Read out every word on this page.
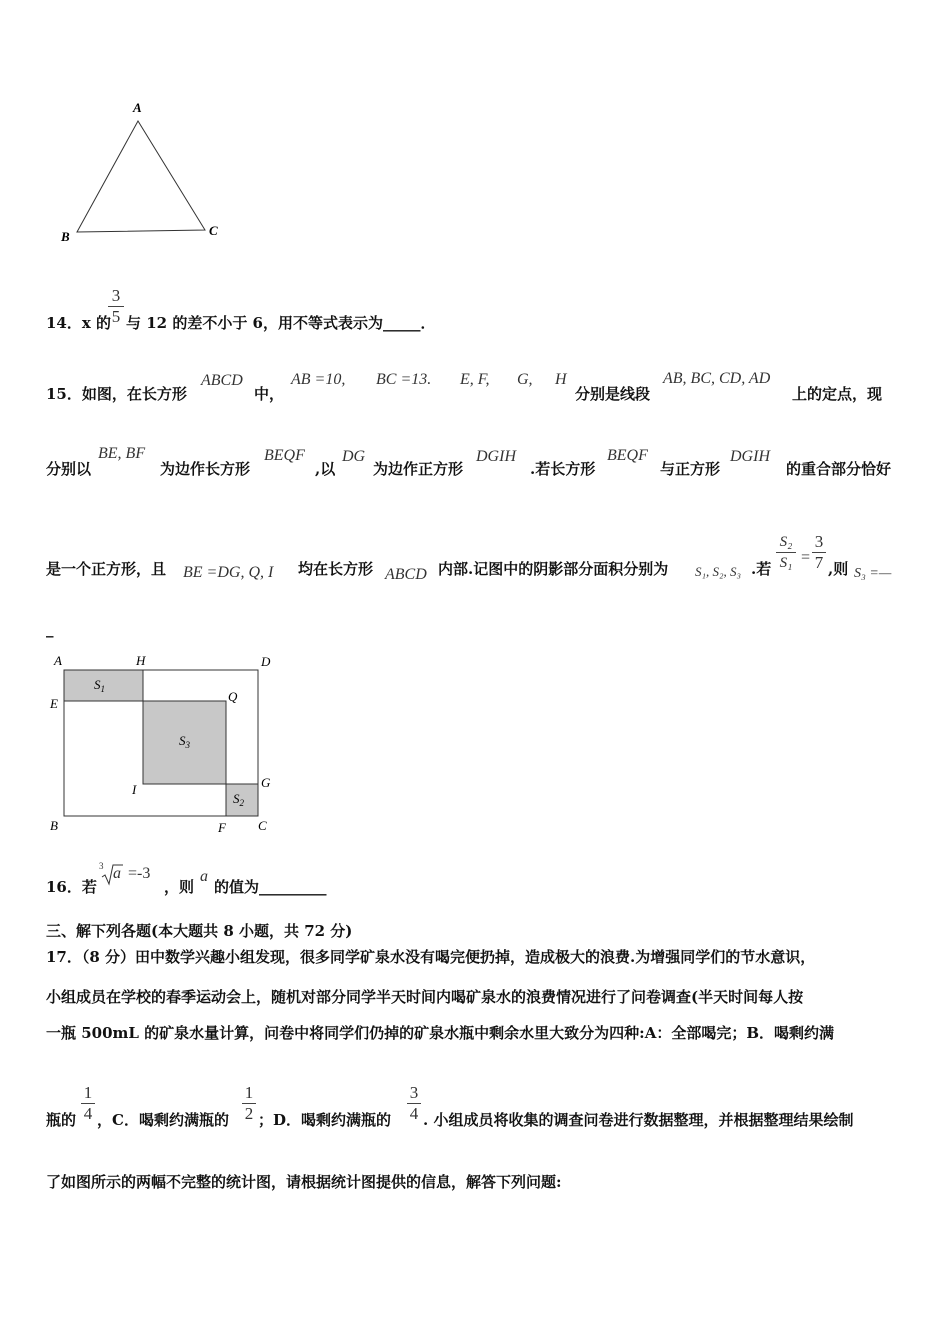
A
B	C
14．x 的
3
5 与 12 的差不小于 6，用不等式表示为_____．
15．如图，在长方形
ABCD
中，
AB =10, BC =13. E, F, G, H
分别是线段
AB, BC, CD, AD
上的定点，现
分别以
BE, BF
为边作长方形
BEQF
,以
DG
为边作正方形
DGIH
.若长方形
BEQF
与正方形
DGIH
的重合部分恰好
是一个正方形，且 BE =DG, Q, I 均在长方形 ABCD 内部.记图中的阴影部分面积分别为 S₁, S₂, S₃ .若
S₂
S₁ =
3
7 ,则 S₃ =—
_
A	H	D
E	Q
I	G
B	F C
$S_1$
$S_3$
$S_2$
16．若
3 a =-3
，则
a
的值为_________
三、解下列各题(本大题共 8 小题，共 72 分)
17．（8 分）田中数学兴趣小组发现，很多同学矿泉水没有喝完便扔掉，造成极大的浪费.为增强同学们的节水意识，
小组成员在学校的春季运动会上，随机对部分同学半天时间内喝矿泉水的浪费情况进行了问卷调查(半天时间每人按
一瓶 500mL 的矿泉水量计算，问卷中将同学们仍掉的矿泉水瓶中剩余水里大致分为四种:A：全部喝完；B．喝剩约满
瓶的
1
4 ，C．喝剩约满瓶的
1
2 ；D．喝剩约满瓶的
3
4 . 小组成员将收集的调查问卷进行数据整理，并根据整理结果绘制
了如图所示的两幅不完整的统计图，请根据统计图提供的信息，解答下列问题:
